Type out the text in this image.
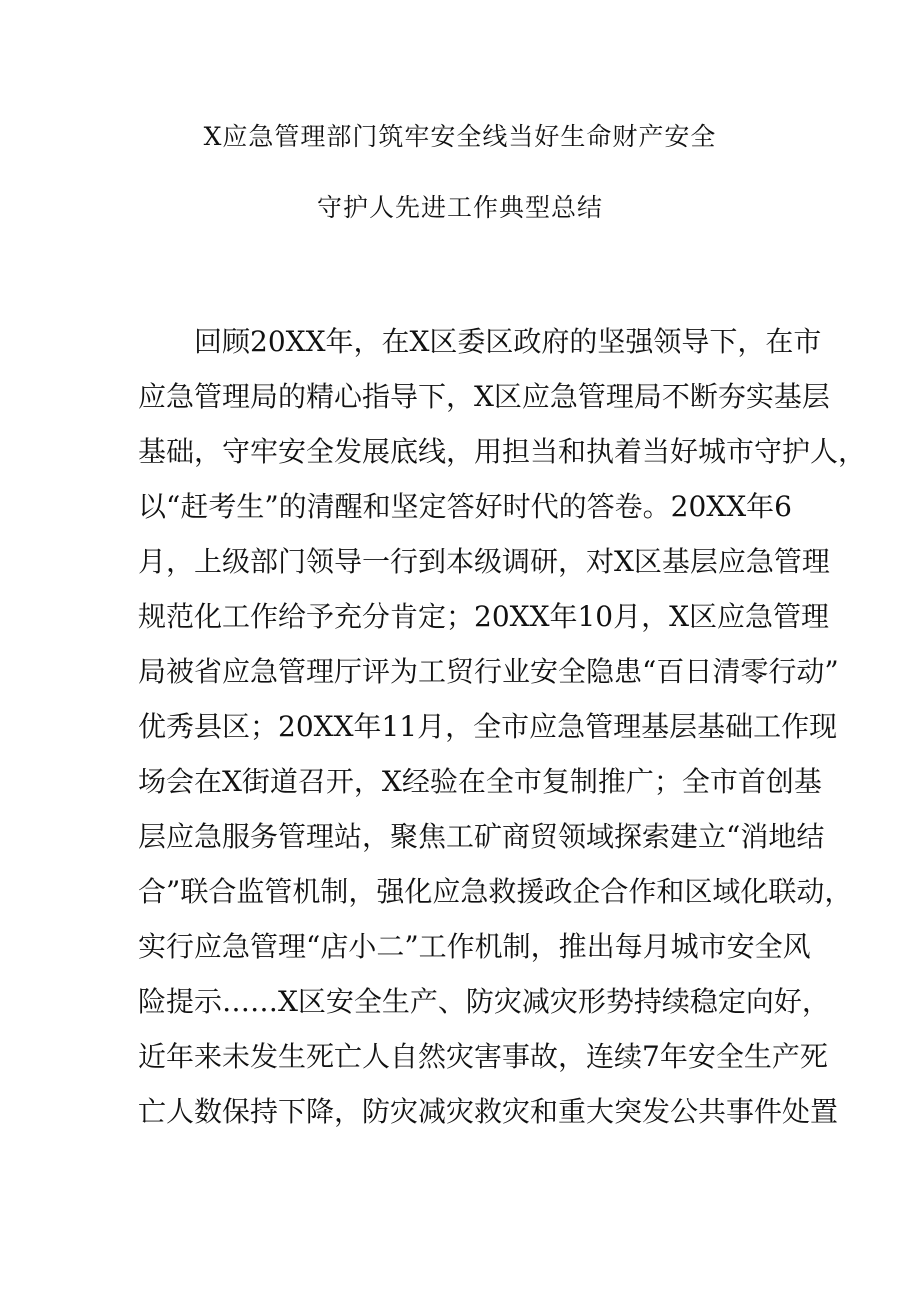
X应急管理部门筑牢安全线当好生命财产安全
守护人先进工作典型总结
回顾20XX年，在X区委区政府的坚强领导下，在市
应急管理局的精心指导下，X区应急管理局不断夯实基层
基础，守牢安全发展底线，用担当和执着当好城市守护人，
以“赶考生”的清醒和坚定答好时代的答卷。20XX年6
月，上级部门领导一行到本级调研，对X区基层应急管理
规范化工作给予充分肯定；20XX年10月，X区应急管理
局被省应急管理厅评为工贸行业安全隐患“百日清零行动”
优秀县区；20XX年11月，全市应急管理基层基础工作现
场会在X街道召开，X经验在全市复制推广；全市首创基
层应急服务管理站，聚焦工矿商贸领域探索建立“消地结
合”联合监管机制，强化应急救援政企合作和区域化联动，
实行应急管理“店小二”工作机制，推出每月城市安全风
险提示……X区安全生产、防灾减灾形势持续稳定向好，
近年来未发生死亡人自然灾害事故，连续7年安全生产死
亡人数保持下降，防灾减灾救灾和重大突发公共事件处置
